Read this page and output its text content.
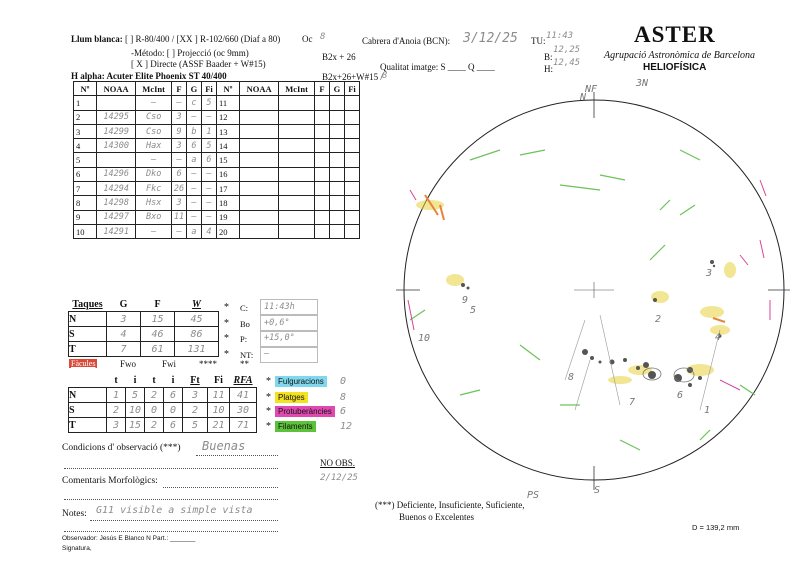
Llum blanca: [ ] R-80/400 / [XX ] R-102/660 (Diaf a 80)
-Método: [ ] Projecció (oc 9mm)
[ X ] Directe (ASSF Baader + W#15)
H alpha: Acuter Elite Phoenix ST 40/400
Oc 8
B2x + 26
B2x+26+W#15 / 8
Cabrera d'Anoia (BCN): 3/12/25
Qualitat imatge: S ____ Q ____
TU: 11:43
B:
12,25
H:
12,45
ASTER
Agrupació Astronòmica de Barcelona
HELIOFÍSICA
Nº	NOAA	McInt	F	G	Fi	Nº	NOAA	McInt	F	G	Fi
1		—	—	c	5	11					
2	14295	Cso	3	—	—	12					
3	14299	Cso	9	b	1	13					
4	14300	Hax	3	6	5	14					
5		—	—	a	6	15					
6	14296	Dko	6	—	—	16					
7	14294	Fkc	26	—	—	17					
8	14298	Hsx	3	—	—	18					
9	14297	Bxo	11	—	—	19					
10	14291	—	—	a	4	20					
Taques	G	F	W
N	3	15	45
S	4	46	86
T	7	61	131
* C: 11:43h
* Bo +0,6°
* P: +15,0°
* NT: —
Fàcules	Fwo	Fwi	****	**
	t	i	t	i	Ft	Fi	RFA
N	1	5	2	6	3	11	41
S	2	10	0	0	2	10	30
T	3	15	2	6	5	21	71
* Fulguracions	0
* Platges	8
* Protuberàncies 6
* Filaments	12
Condicions d' observació (***) Buenas
Comentaris Morfològics:
Notes: G11 visible a simple vista
Observador: Jesús E Blanco N Part.: _______
Signatura,
NO OBS.
2/12/25
(***) Deficiente, Insuficiente, Suficiente,
Buenos o Excelentes
D = 139,2 mm
3N
NF
N
S
PS
5
4
2
9
10
8
7
6
1
3
